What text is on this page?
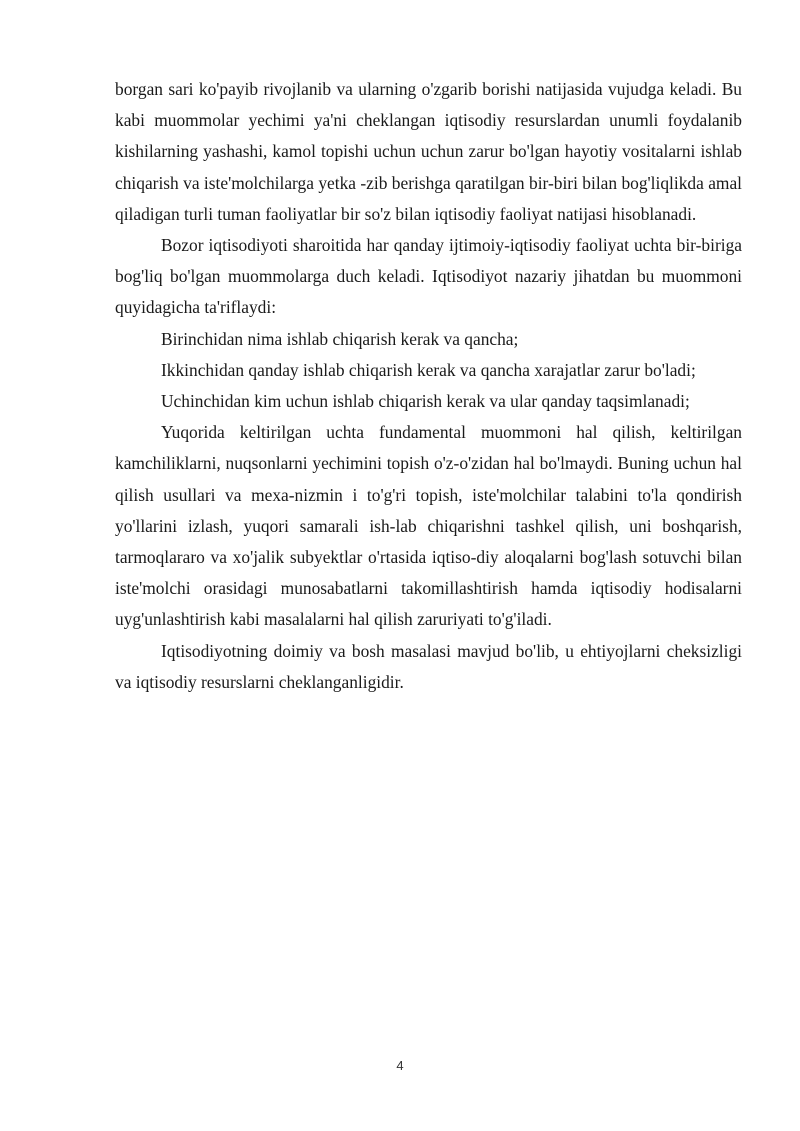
borgan sari ko'payib rivojlanib va ularning o'zgarib borishi natijasida vujudga keladi. Bu kabi muommolar yechimi ya'ni cheklangan iqtisodiy resurslardan unumli foydalanib kishilarning yashashi, kamol topishi uchun uchun zarur bo'lgan hayotiy vositalarni ishlab chiqarish va iste'molchilarga yetka -zib berishga qaratilgan bir-biri bilan bog'liqlikda amal qiladigan turli tuman faoliyatlar bir so'z bilan iqtisodiy faoliyat natijasi hisoblanadi.

Bozor iqtisodiyoti sharoitida har qanday ijtimoiy-iqtisodiy faoliyat uchta bir-biriga bog'liq bo'lgan muommolarga duch keladi. Iqtisodiyot nazariy jihatdan bu muommoni quyidagicha ta'riflaydi:

Birinchidan nima ishlab chiqarish kerak va qancha;

Ikkinchidan qanday ishlab chiqarish kerak va qancha xarajatlar zarur bo'ladi;

Uchinchidan kim uchun ishlab chiqarish kerak va ular qanday taqsimlanadi;

Yuqorida keltirilgan uchta fundamental muommoni hal qilish, keltirilgan kamchiliklarni, nuqsonlarni yechimini topish o'z-o'zidan hal bo'lmaydi. Buning uchun hal qilish usullari va mexa-nizmin i to'g'ri topish, iste'molchilar talabini to'la qondirish yo'llarini izlash, yuqori samarali ish-lab chiqarishni tashkel qilish, uni boshqarish, tarmoqlararo va xo'jalik subyektlar o'rtasida iqtiso-diy aloqalarni bog'lash sotuvchi bilan iste'molchi orasidagi munosabatlarni takomillashtirish hamda iqtisodiy hodisalarni uyg'unlashtirish kabi masalalarni hal qilish zaruriyati to'g'iladi.

Iqtisodiyotning doimiy va bosh masalasi mavjud bo'lib, u ehtiyojlarni cheksizligi va iqtisodiy resurslarni cheklanganligidir.

4
